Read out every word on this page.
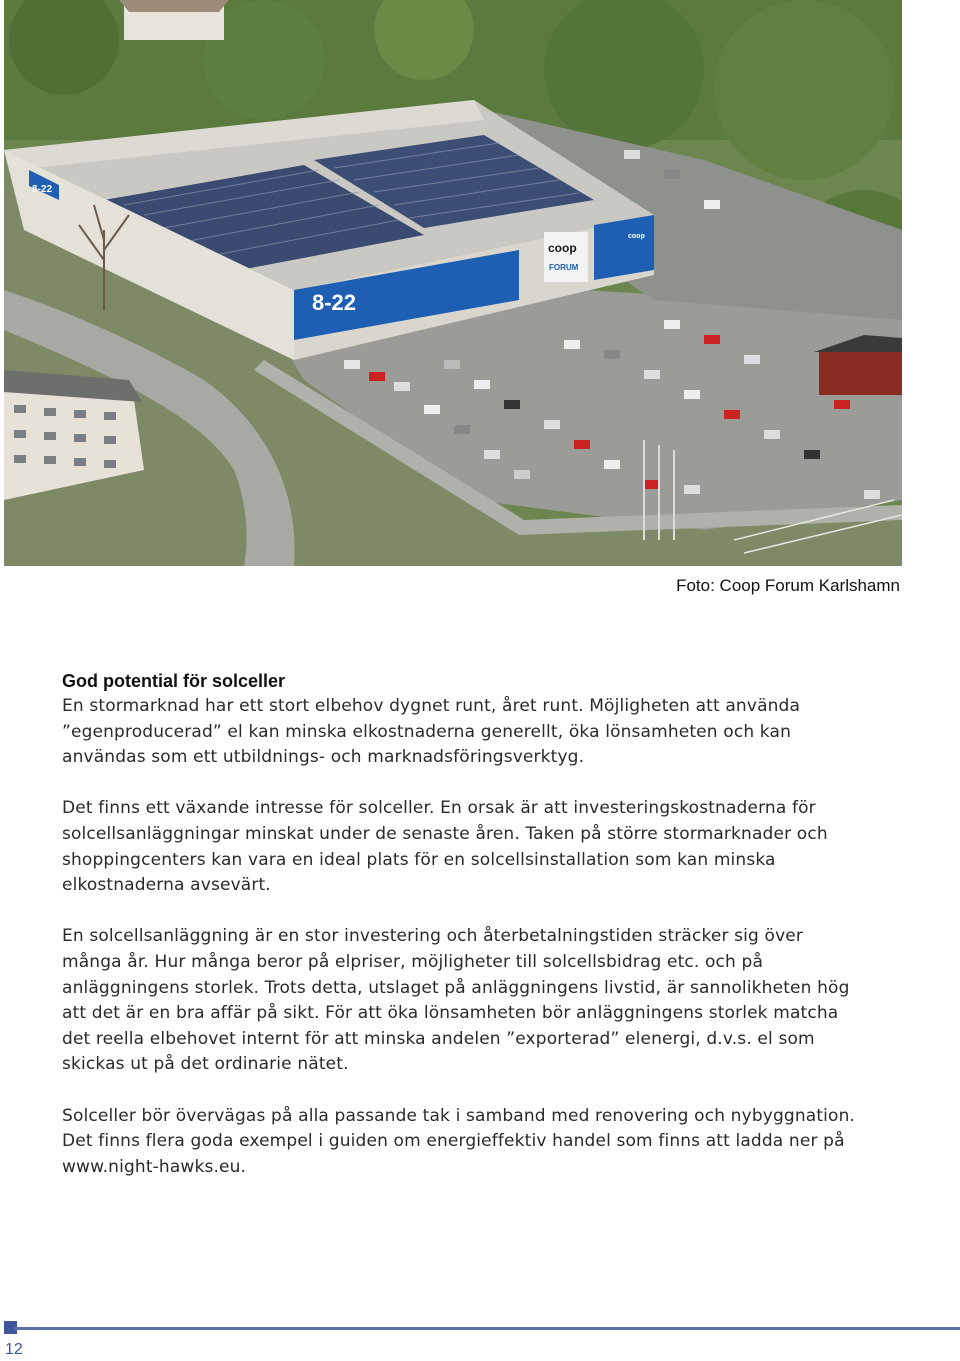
coop
FORUM
8-22
8-22
coop
Foto: Coop Forum Karlshamn
God potential för solceller

En stormarknad har ett stort elbehov dygnet runt, året runt. Möjligheten att använda ”egenproducerad” el kan minska elkostnaderna generellt, öka lönsamheten och kan användas som ett utbildnings- och marknadsföringsverktyg.

Det finns ett växande intresse för solceller. En orsak är att investeringskostnaderna för solcellsanläggningar minskat under de senaste åren. Taken på större stormarknader och shoppingcenters kan vara en ideal plats för en solcellsinstallation som kan minska elkostnaderna avsevärt.

En solcellsanläggning är en stor investering och återbetalningstiden sträcker sig över många år. Hur många beror på elpriser, möjligheter till solcellsbidrag etc. och på anläggningens storlek. Trots detta, utslaget på anläggningens livstid, är sannolikheten hög att det är en bra affär på sikt. För att öka lönsamheten bör anläggningens storlek matcha det reella elbehovet internt för att minska andelen ”exporterad” elenergi, d.v.s. el som skickas ut på det ordinarie nätet.

Solceller bör övervägas på alla passande tak i samband med renovering och nybyggnation. Det finns flera goda exempel i guiden om energieffektiv handel som finns att ladda ner på www.night-hawks.eu.

12
